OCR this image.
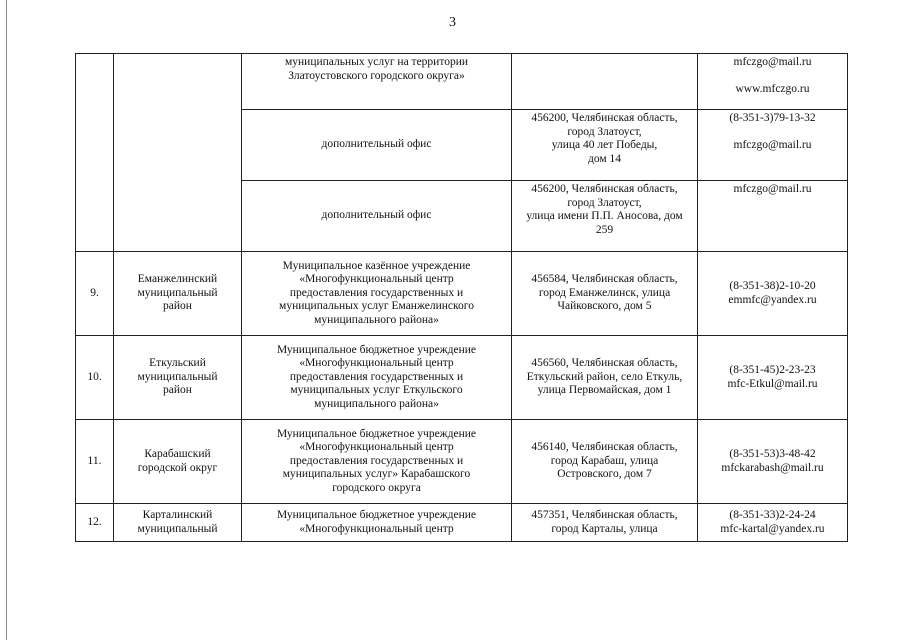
3

		муниципальных услуг на территории
Златоустовского городского округа»		mfczgo@mail.ru
www.mfczgo.ru

		дополнительный офис	456200, Челябинская область,
город Златоуст,
улица 40 лет Победы,
дом 14	(8-351-3)79-13-32
mfczgo@mail.ru

		дополнительный офис	456200, Челябинская область,
город Златоуст,
улица имени П.П. Аносова, дом
259	mfczgo@mail.ru

9.	Еманжелинский
муниципальный
район	Муниципальное казённое учреждение
«Многофункциональный центр
предоставления государственных и
муниципальных услуг Еманжелинского
муниципального района»	456584, Челябинская область,
город Еманжелинск, улица
Чайковского, дом 5	(8-351-38)2-10-20
emmfc@yandex.ru

10.	Еткульский
муниципальный
район	Муниципальное бюджетное учреждение
«Многофункциональный центр
предоставления государственных и
муниципальных услуг Еткульского
муниципального района»	456560, Челябинская область,
Еткульский район, село Еткуль,
улица Первомайская, дом 1	(8-351-45)2-23-23
mfc-Etkul@mail.ru

11.	Карабашский
городской округ	Муниципальное бюджетное учреждение
«Многофункциональный центр
предоставления государственных и
муниципальных услуг» Карабашского
городского округа	456140, Челябинская область,
город Карабаш, улица
Островского, дом 7	(8-351-53)3-48-42
mfckarabash@mail.ru

12.	Карталинский
муниципальный	Муниципальное бюджетное учреждение
«Многофункциональный центр	457351, Челябинская область,
город Карталы, улица	(8-351-33)2-24-24
mfc-kartal@yandex.ru
